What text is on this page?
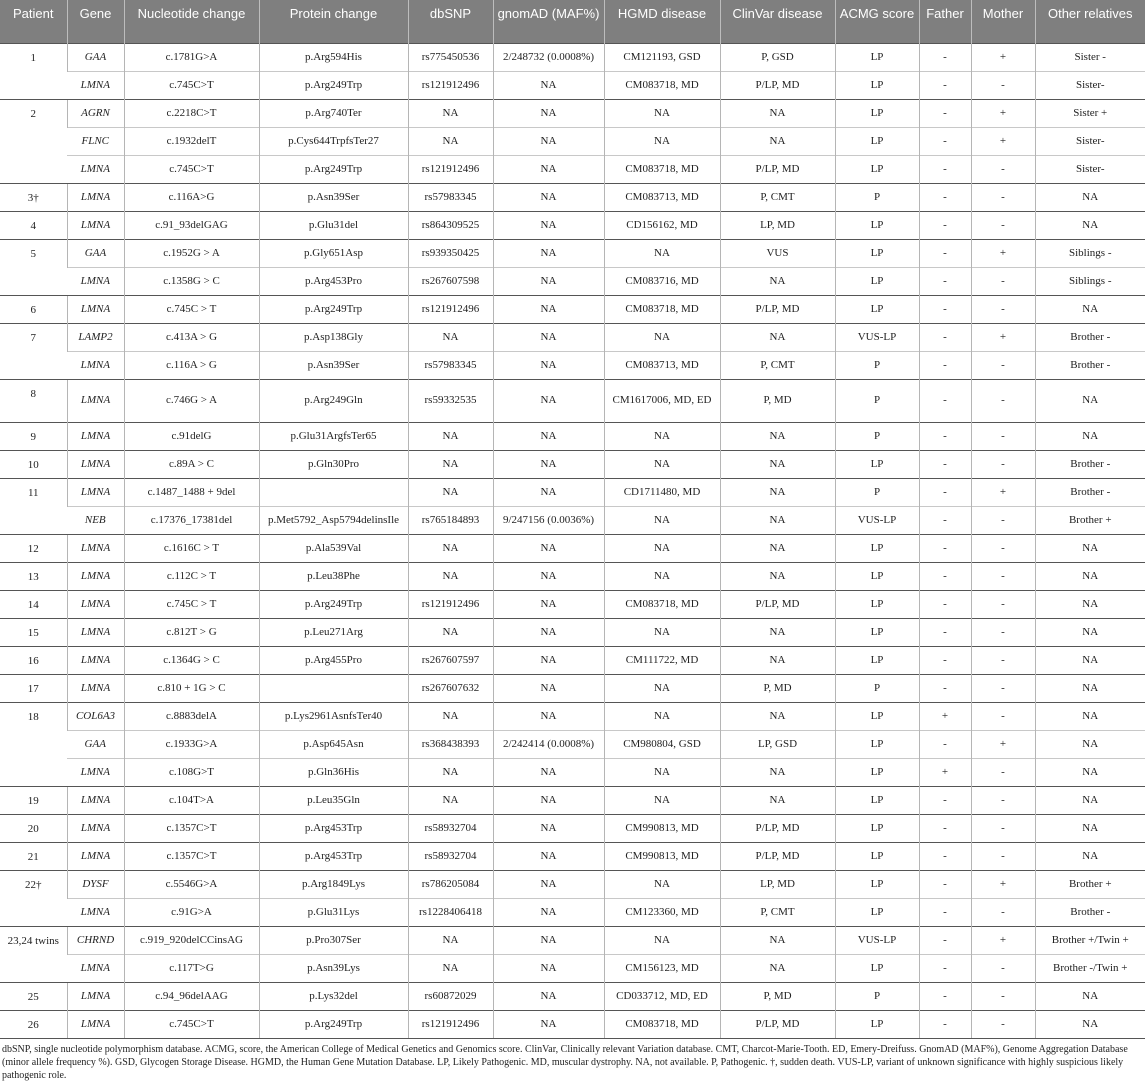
Patient	Gene	Nucleotide change	Protein change	dbSNP	gnomAD (MAF%)	HGMD disease	ClinVar disease	ACMG score	Father	Mother	Other relatives
1	GAA	c.1781G>A	p.Arg594His	rs775450536	2/248732 (0.0008%)	CM121193, GSD	P, GSD	LP	-	+	Sister -
	LMNA	c.745C>T	p.Arg249Trp	rs121912496	NA	CM083718, MD	P/LP, MD	LP	-	-	Sister-
2	AGRN	c.2218C>T	p.Arg740Ter	NA	NA	NA	NA	LP	-	+	Sister +
	FLNC	c.1932delT	p.Cys644TrpfsTer27	NA	NA	NA	NA	LP	-	+	Sister-
	LMNA	c.745C>T	p.Arg249Trp	rs121912496	NA	CM083718, MD	P/LP, MD	LP	-	-	Sister-
3†	LMNA	c.116A>G	p.Asn39Ser	rs57983345	NA	CM083713, MD	P, CMT	P	-	-	NA
4	LMNA	c.91_93delGAG	p.Glu31del	rs864309525	NA	CD156162, MD	LP, MD	LP	-	-	NA
5	GAA	c.1952G > A	p.Gly651Asp	rs939350425	NA	NA	VUS	LP	-	+	Siblings -
	LMNA	c.1358G > C	p.Arg453Pro	rs267607598	NA	CM083716, MD	NA	LP	-	-	Siblings -
6	LMNA	c.745C > T	p.Arg249Trp	rs121912496	NA	CM083718, MD	P/LP, MD	LP	-	-	NA
7	LAMP2	c.413A > G	p.Asp138Gly	NA	NA	NA	NA	VUS-LP	-	+	Brother -
	LMNA	c.116A > G	p.Asn39Ser	rs57983345	NA	CM083713, MD	P, CMT	P	-	-	Brother -
8	LMNA	c.746G > A	p.Arg249Gln	rs59332535	NA	CM1617006, MD, ED	P, MD	P	-	-	NA
9	LMNA	c.91delG	p.Glu31ArgfsTer65	NA	NA	NA	NA	P	-	-	NA
10	LMNA	c.89A > C	p.Gln30Pro	NA	NA	NA	NA	LP	-	-	Brother -
11	LMNA	c.1487_1488 + 9del		NA	NA	CD1711480, MD	NA	P	-	+	Brother -
	NEB	c.17376_17381del	p.Met5792_Asp5794delinsIle	rs765184893	9/247156 (0.0036%)	NA	NA	VUS-LP	-	-	Brother +
12	LMNA	c.1616C > T	p.Ala539Val	NA	NA	NA	NA	LP	-	-	NA
13	LMNA	c.112C > T	p.Leu38Phe	NA	NA	NA	NA	LP	-	-	NA
14	LMNA	c.745C > T	p.Arg249Trp	rs121912496	NA	CM083718, MD	P/LP, MD	LP	-	-	NA
15	LMNA	c.812T > G	p.Leu271Arg	NA	NA	NA	NA	LP	-	-	NA
16	LMNA	c.1364G > C	p.Arg455Pro	rs267607597	NA	CM111722, MD	NA	LP	-	-	NA
17	LMNA	c.810 + 1G > C		rs267607632	NA	NA	P, MD	P	-	-	NA
18	COL6A3	c.8883delA	p.Lys2961AsnfsTer40	NA	NA	NA	NA	LP	+	-	NA
	GAA	c.1933G>A	p.Asp645Asn	rs368438393	2/242414 (0.0008%)	CM980804, GSD	LP, GSD	LP	-	+	NA
	LMNA	c.108G>T	p.Gln36His	NA	NA	NA	NA	LP	+	-	NA
19	LMNA	c.104T>A	p.Leu35Gln	NA	NA	NA	NA	LP	-	-	NA
20	LMNA	c.1357C>T	p.Arg453Trp	rs58932704	NA	CM990813, MD	P/LP, MD	LP	-	-	NA
21	LMNA	c.1357C>T	p.Arg453Trp	rs58932704	NA	CM990813, MD	P/LP, MD	LP	-	-	NA
22†	DYSF	c.5546G>A	p.Arg1849Lys	rs786205084	NA	NA	LP, MD	LP	-	+	Brother +
	LMNA	c.91G>A	p.Glu31Lys	rs1228406418	NA	CM123360, MD	P, CMT	LP	-	-	Brother -
23,24 twins	CHRND	c.919_920delCCinsAG	p.Pro307Ser	NA	NA	NA	NA	VUS-LP	-	+	Brother +/Twin +
	LMNA	c.117T>G	p.Asn39Lys	NA	NA	CM156123, MD	NA	LP	-	-	Brother -/Twin +
25	LMNA	c.94_96delAAG	p.Lys32del	rs60872029	NA	CD033712, MD, ED	P, MD	P	-	-	NA
26	LMNA	c.745C>T	p.Arg249Trp	rs121912496	NA	CM083718, MD	P/LP, MD	LP	-	-	NA

dbSNP, single nucleotide polymorphism database. ACMG, score, the American College of Medical Genetics and Genomics score. ClinVar, Clinically relevant Variation database. CMT, Charcot-Marie-Tooth. ED, Emery-Dreifuss. GnomAD (MAF%), Genome Aggregation Database (minor allele frequency %). GSD, Glycogen Storage Disease. HGMD, the Human Gene Mutation Database. LP, Likely Pathogenic. MD, muscular dystrophy. NA, not available. P, Pathogenic. †, sudden death. VUS-LP, variant of unknown significance with highly suspicious likely pathogenic role.
